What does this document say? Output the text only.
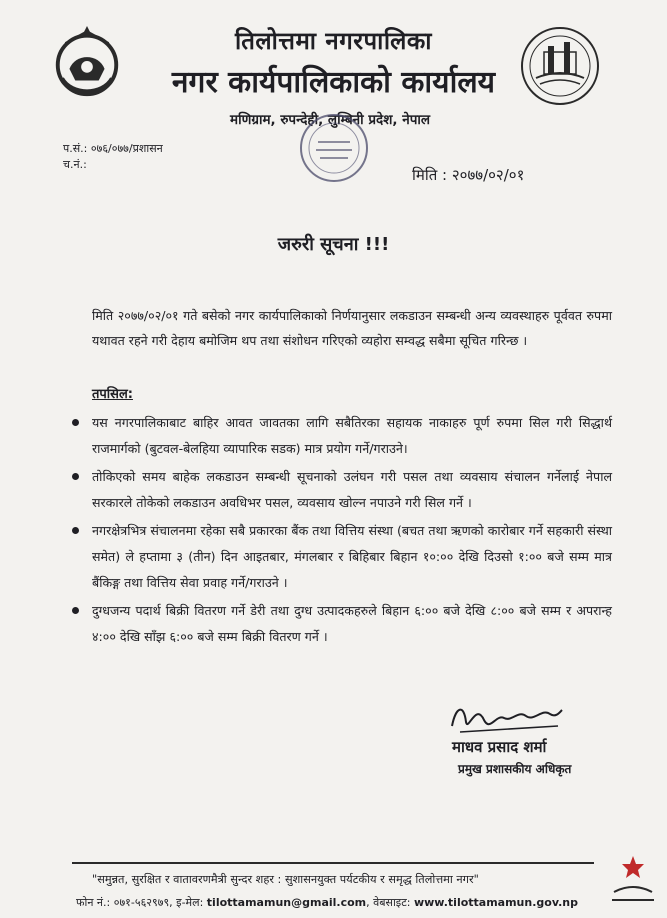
तिलोत्तमा नगरपालिका
नगर कार्यपालिकाको कार्यालय
मणिग्राम, रुपन्देही, लुम्बिनी प्रदेश, नेपाल
प.सं.: ०७६/०७७/प्रशासन
च.नं.:
मिति : २०७७/०२/०१
जरुरी सूचना !!!
मिति २०७७/०२/०१ गते बसेको नगर कार्यपालिकाको निर्णयानुसार लकडाउन सम्बन्धी अन्य व्यवस्थाहरु पूर्ववत रुपमा यथावत रहने गरी देहाय बमोजिम थप तथा संशोधन गरिएको व्यहोरा सम्वद्ध सबैमा सूचित गरिन्छ ।
तपसिल:
यस नगरपालिकाबाट बाहिर आवत जावतका लागि सबैतिरका सहायक नाकाहरु पूर्ण रुपमा सिल गरी सिद्धार्थ राजमार्गको (बुटवल-बेलहिया व्यापारिक सडक) मात्र प्रयोग गर्ने/गराउने।
तोकिएको समय बाहेक लकडाउन सम्बन्धी सूचनाको उलंघन गरी पसल तथा व्यवसाय संचालन गर्नेलाई नेपाल सरकारले तोकेको लकडाउन अवधिभर पसल, व्यवसाय खोल्न नपाउने गरी सिल गर्ने ।
नगरक्षेत्रभित्र संचालनमा रहेका सबै प्रकारका बैंक तथा वित्तिय संस्था (बचत तथा ऋणको कारोबार गर्ने सहकारी संस्था समेत) ले हप्तामा ३ (तीन) दिन आइतबार, मंगलबार र बिहिबार बिहान १०:०० देखि दिउसो १:०० बजे सम्म मात्र बैंकिङ्ग तथा वित्तिय सेवा प्रवाह गर्ने/गराउने ।
दुग्धजन्य पदार्थ बिक्री वितरण गर्ने डेरी तथा दुग्ध उत्पादकहरुले बिहान ६:०० बजे देखि ८:०० बजे सम्म र अपरान्ह ४:०० देखि साँझ ६:०० बजे सम्म बिक्री वितरण गर्ने ।
माधव प्रसाद शर्मा
प्रमुख प्रशासकीय अधिकृत
"समुन्नत, सुरक्षित र वातावरणमैत्री सुन्दर शहर : सुशासनयुक्त पर्यटकीय र समृद्ध तिलोत्तमा नगर"
फोन नं.: ०७१-५६२९७९, इ-मेल: tilottamamun@gmail.com, वेबसाइट: www.tilottamamun.gov.np
